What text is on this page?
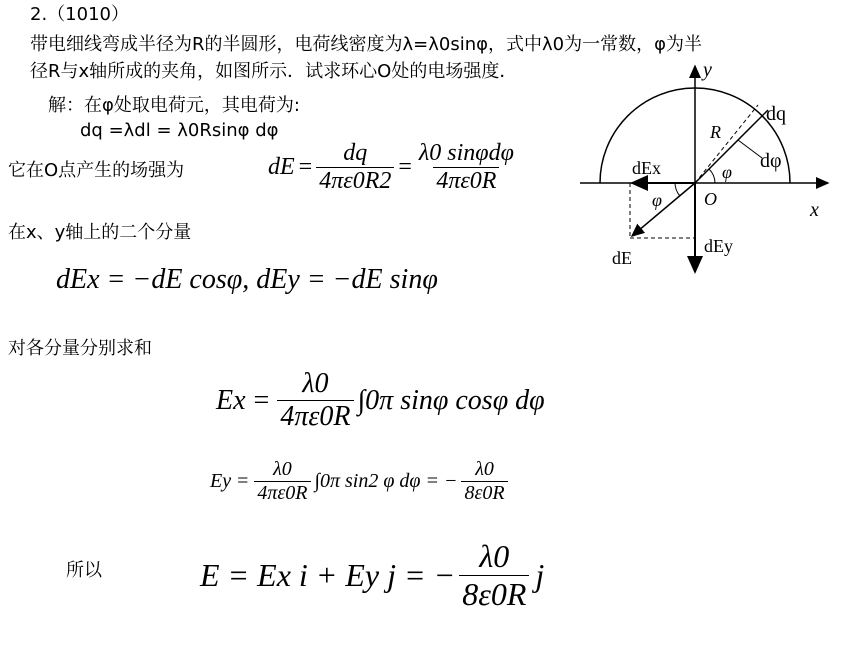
2.（1010）
带电细线弯成半径为R的半圆形，电荷线密度为λ=λ0sinφ，式中λ0为一常数，φ为半
径R与x轴所成的夹角，如图所示．试求环心O处的电场强度．
解：在φ处取电荷元，其电荷为:
dq =λdl = λ0Rsinφ dφ
它在O点产生的场强为	dE = $\frac{dq}{4\pi\varepsilon 0R2} = \frac{\text{λ0 sinφdφ}}{4\pi\varepsilon 0R}$
在x、y轴上的二个分量
dEx = −dE cosφ, dEy = −dE sinφ
对各分量分别求和
$Ex = \frac{\lambda 0}{4\pi\varepsilon 0R} \int 0\pi$ sinφ cosφ dφ
$Ey = \frac{\lambda 0}{4\pi\varepsilon 0R} \int 0\pi$ sin2 φ dφ = − $\frac{\lambda 0}{8\varepsilon 0R}$
所以	E = Ex i + Ey j = − $\frac{\lambda 0}{8\varepsilon 0R}$ j
y
x
dq
R
dφ
φ
φ
dEx
O
dEy
dE
